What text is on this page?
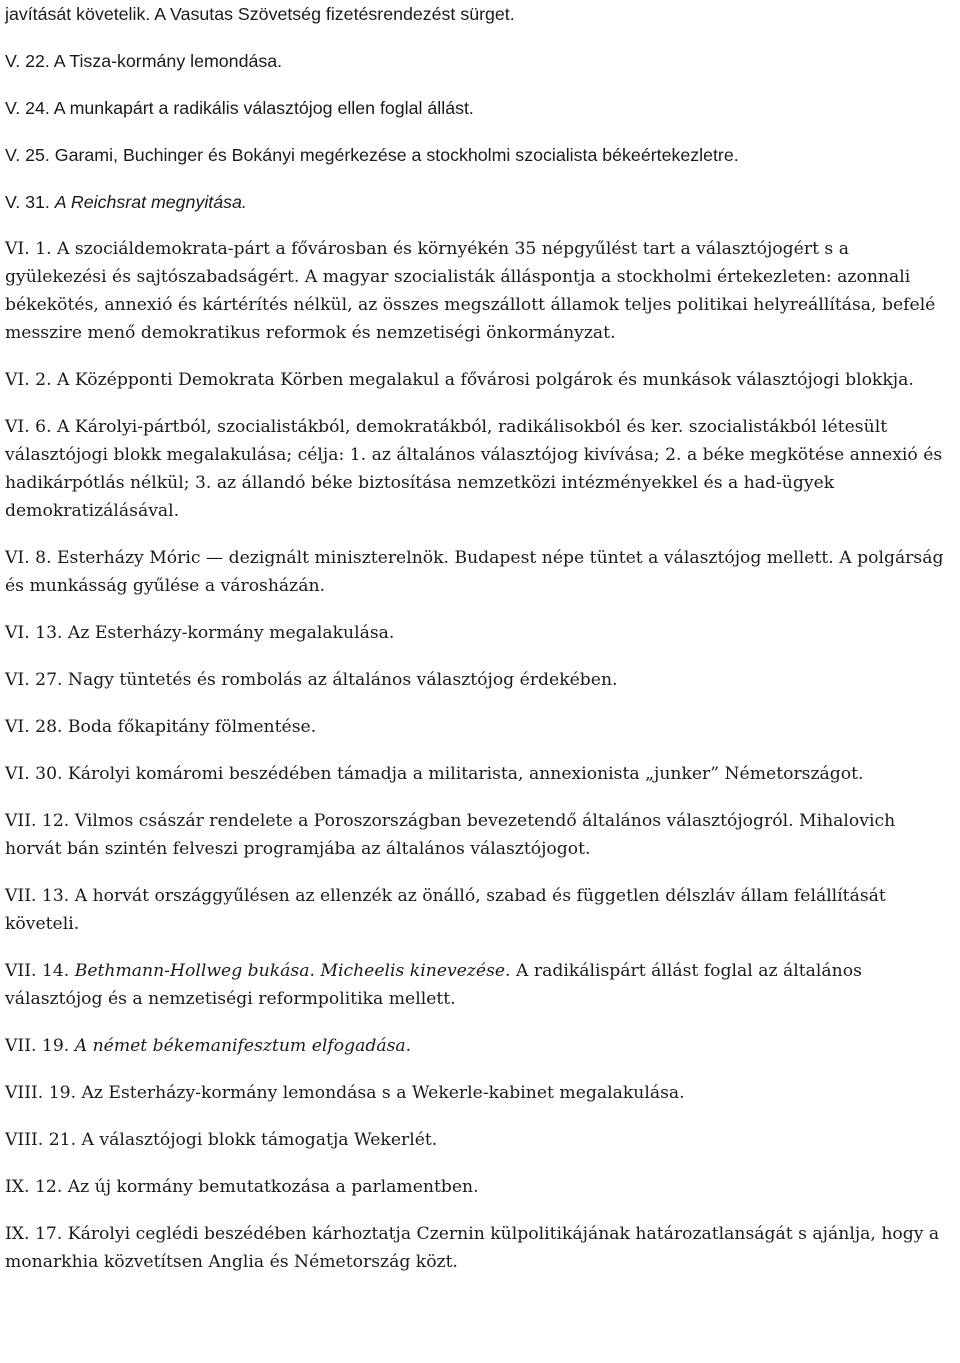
javítását követelik. A Vasutas Szövetség fizetésrendezést sürget.

V. 22. A Tisza-kormány lemondása.

V. 24. A munkapárt a radikális választójog ellen foglal állást.

V. 25. Garami, Buchinger és Bokányi megérkezése a stockholmi szocialista békeértekezletre.

V. 31. A Reichsrat megnyitása.

VI. 1. A szociáldemokrata-párt a fővárosban és környékén 35 népgyűlést tart a választójogért s a gyülekezési és sajtószabadságért. A magyar szocialisták álláspontja a stockholmi értekezleten: azonnali békekötés, annexió és kártérítés nélkül, az összes megszállott államok teljes politikai helyreállítása, befelé messzire menő demokratikus reformok és nemzetiségi önkormányzat.

VI. 2. A Középponti Demokrata Körben megalakul a fővárosi polgárok és munkások választójogi blokkja.

VI. 6. A Károlyi-pártból, szocialistákból, demokratákból, radikálisokból és ker. szocialistákból létesült választójogi blokk megalakulása; célja: 1. az általános választójog kivívása; 2. a béke megkötése annexió és hadikárpótlás nélkül; 3. az állandó béke biztosítása nemzetközi intézményekkel és a had-ügyek demokratizálásával.

VI. 8. Esterházy Móric — dezignált miniszterelnök. Budapest népe tüntet a választójog mellett. A polgárság és munkásság gyűlése a városházán.

VI. 13. Az Esterházy-kormány megalakulása.

VI. 27. Nagy tüntetés és rombolás az általános választójog érdekében.

VI. 28. Boda főkapitány fölmentése.

VI. 30. Károlyi komáromi beszédében támadja a militarista, annexionista „junker” Németországot.

VII. 12. Vilmos császár rendelete a Poroszországban bevezetendő általános választójogról. Mihalovich horvát bán szintén felveszi programjába az általános választójogot.

VII. 13. A horvát országgyűlésen az ellenzék az önálló, szabad és független délszláv állam felállítását követeli.

VII. 14. Bethmann-Hollweg bukása. Micheelis kinevezése. A radikálispárt állást foglal az általános választójog és a nemzetiségi reformpolitika mellett.

VII. 19. A német békemanifesztum elfogadása.

VIII. 19. Az Esterházy-kormány lemondása s a Wekerle-kabinet megalakulása.

VIII. 21. A választójogi blokk támogatja Wekerlét.

IX. 12. Az új kormány bemutatkozása a parlamentben.

IX. 17. Károlyi ceglédi beszédében kárhoztatja Czernin külpolitikájának határozatlanságát s ajánlja, hogy a monarkhia közvetítsen Anglia és Németország közt.
